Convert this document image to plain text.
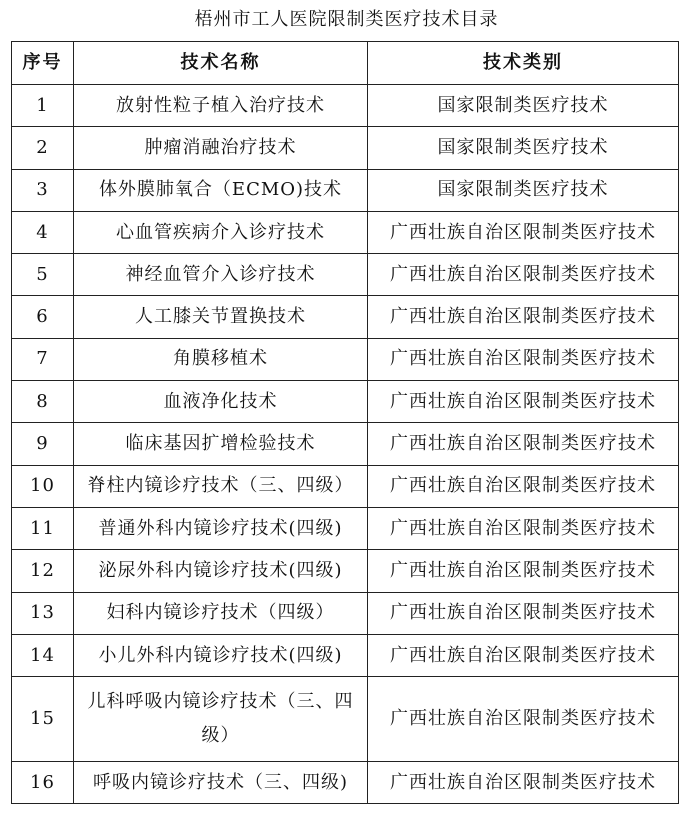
梧州市工人医院限制类医疗技术目录
序号	技术名称	技术类别
1	放射性粒子植入治疗技术	国家限制类医疗技术
2	肿瘤消融治疗技术	国家限制类医疗技术
3	体外膜肺氧合（ECMO)技术	国家限制类医疗技术
4	心血管疾病介入诊疗技术	广西壮族自治区限制类医疗技术
5	神经血管介入诊疗技术	广西壮族自治区限制类医疗技术
6	人工膝关节置换技术	广西壮族自治区限制类医疗技术
7	角膜移植术	广西壮族自治区限制类医疗技术
8	血液净化技术	广西壮族自治区限制类医疗技术
9	临床基因扩增检验技术	广西壮族自治区限制类医疗技术
10	脊柱内镜诊疗技术（三、四级）	广西壮族自治区限制类医疗技术
11	普通外科内镜诊疗技术(四级)	广西壮族自治区限制类医疗技术
12	泌尿外科内镜诊疗技术(四级)	广西壮族自治区限制类医疗技术
13	妇科内镜诊疗技术（四级）	广西壮族自治区限制类医疗技术
14	小儿外科内镜诊疗技术(四级)	广西壮族自治区限制类医疗技术
15	儿科呼吸内镜诊疗技术（三、四级）	广西壮族自治区限制类医疗技术
16	呼吸内镜诊疗技术（三、四级)	广西壮族自治区限制类医疗技术
